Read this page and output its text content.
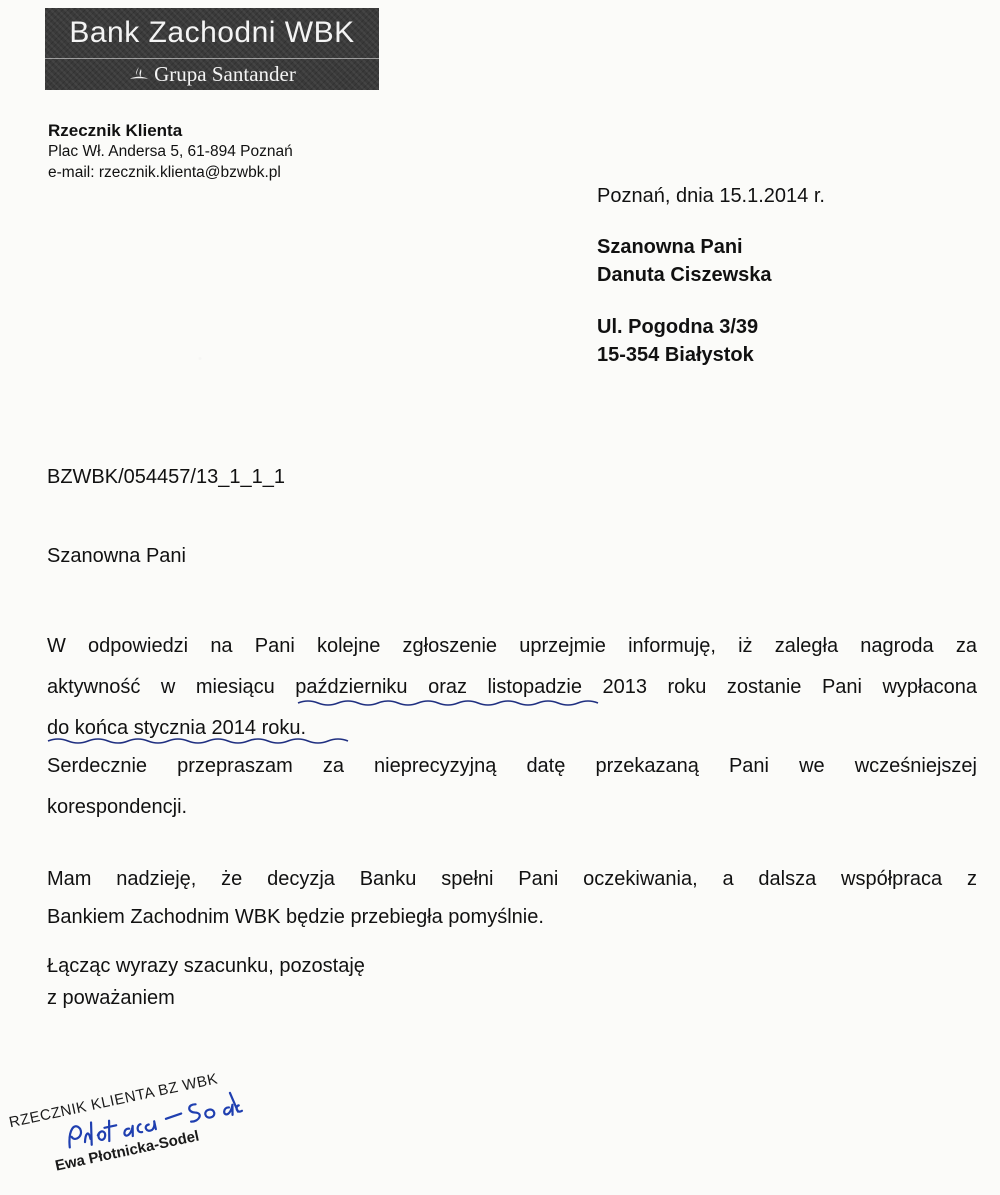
Bank Zachodni WBK
Grupa Santander
Rzecznik Klienta
Plac Wł. Andersa 5, 61-894 Poznań
e-mail: rzecznik.klienta@bzwbk.pl
Poznań, dnia 15.1.2014 r.
Szanowna Pani
Danuta Ciszewska
Ul. Pogodna 3/39
15-354 Białystok
BZWBK/054457/13_1_1_1
Szanowna Pani
W odpowiedzi na Pani kolejne zgłoszenie uprzejmie informuję, iż zaległa nagroda za
aktywność w miesiącu październiku oraz listopadzie 2013 roku zostanie Pani wypłacona
do końca stycznia 2014 roku.
Serdecznie przepraszam za nieprecyzyjną datę przekazaną Pani we wcześniejszej
korespondencji.
Mam nadzieję, że decyzja Banku spełni Pani oczekiwania, a dalsza współpraca z
Bankiem Zachodnim WBK będzie przebiegła pomyślnie.
Łącząc wyrazy szacunku, pozostaję
z poważaniem
RZECZNIK KLIENTA BZ WBK
Ewa Płotnicka-Sodel
